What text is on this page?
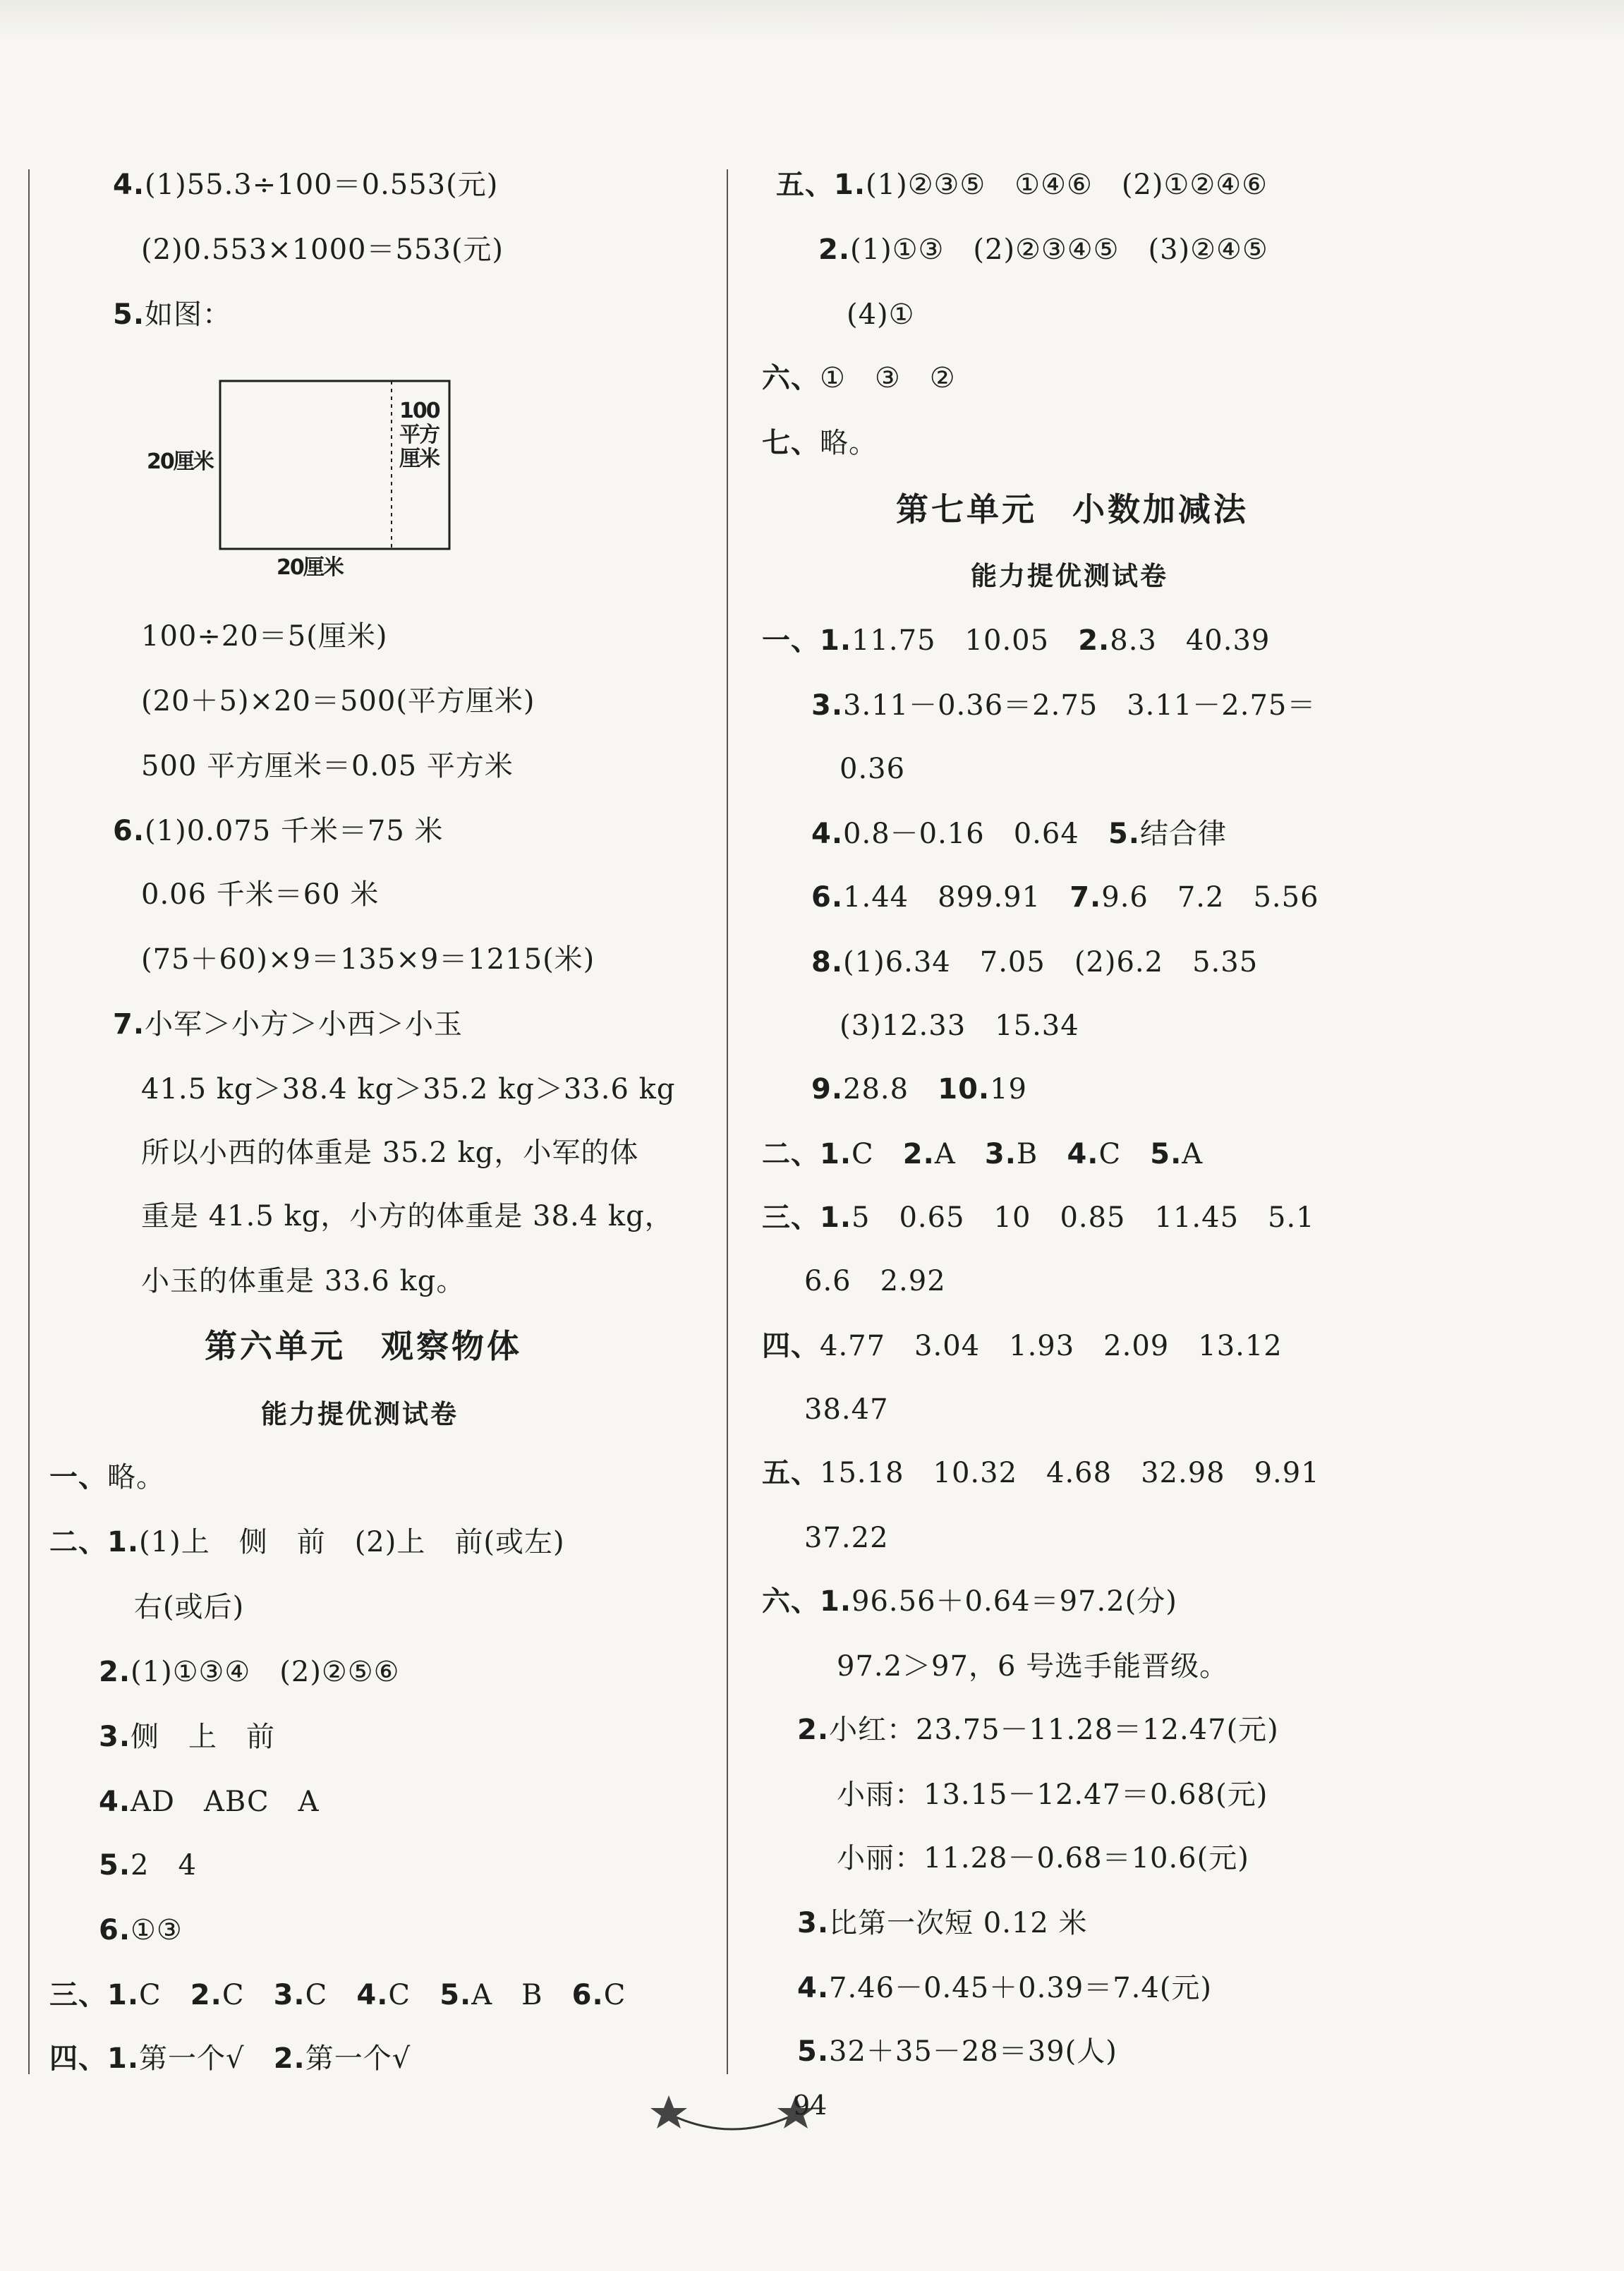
4.(1)55.3÷100＝0.553(元)
(2)0.553×1000＝553(元)
5.如图：
20厘米
20厘米
100
平方
厘米
100÷20＝5(厘米)
(20＋5)×20＝500(平方厘米)
500 平方厘米＝0.05 平方米
6.(1)0.075 千米＝75 米
0.06 千米＝60 米
(75＋60)×9＝135×9＝1215(米)
7.小军＞小方＞小西＞小玉
41.5 kg＞38.4 kg＞35.2 kg＞33.6 kg
所以小西的体重是 35.2 kg，小军的体
重是 41.5 kg，小方的体重是 38.4 kg，
小玉的体重是 33.6 kg。
第六单元　观察物体
能力提优测试卷
一、略。
二、1.(1)上　侧　前　(2)上　前(或左)
右(或后)
2.(1)①③④　(2)②⑤⑥
3.侧　上　前
4.AD　ABC　A
5.2　4
6.①③
三、1.C 2.C 3.C 4.C 5.A　B 6.C
四、1.第一个√ 2.第一个√
五、1.(1)②③⑤　①④⑥　(2)①②④⑥
2.(1)①③　(2)②③④⑤　(3)②④⑤
(4)①
六、①　③　②
七、略。
第七单元　小数加减法
能力提优测试卷
一、1.11.75　10.05 2.8.3　40.39
3.3.11－0.36＝2.75　3.11－2.75＝
0.36
4.0.8－0.16　0.64 5.结合律
6.1.44　899.91 7.9.6　7.2　5.56
8.(1)6.34　7.05　(2)6.2　5.35
(3)12.33　15.34
9.28.8 10.19
二、1.C 2.A 3.B 4.C 5.A
三、1.5　0.65　10　0.85　11.45　5.1
6.6　2.92
四、4.77　3.04　1.93　2.09　13.12
38.47
五、15.18　10.32　4.68　32.98　9.91
37.22
六、1.96.56＋0.64＝97.2(分)
97.2＞97，6 号选手能晋级。
2.小红：23.75－11.28＝12.47(元)
小雨：13.15－12.47＝0.68(元)
小丽：11.28－0.68＝10.6(元)
3.比第一次短 0.12 米
4.7.46－0.45＋0.39＝7.4(元)
5.32＋35－28＝39(人)
94
